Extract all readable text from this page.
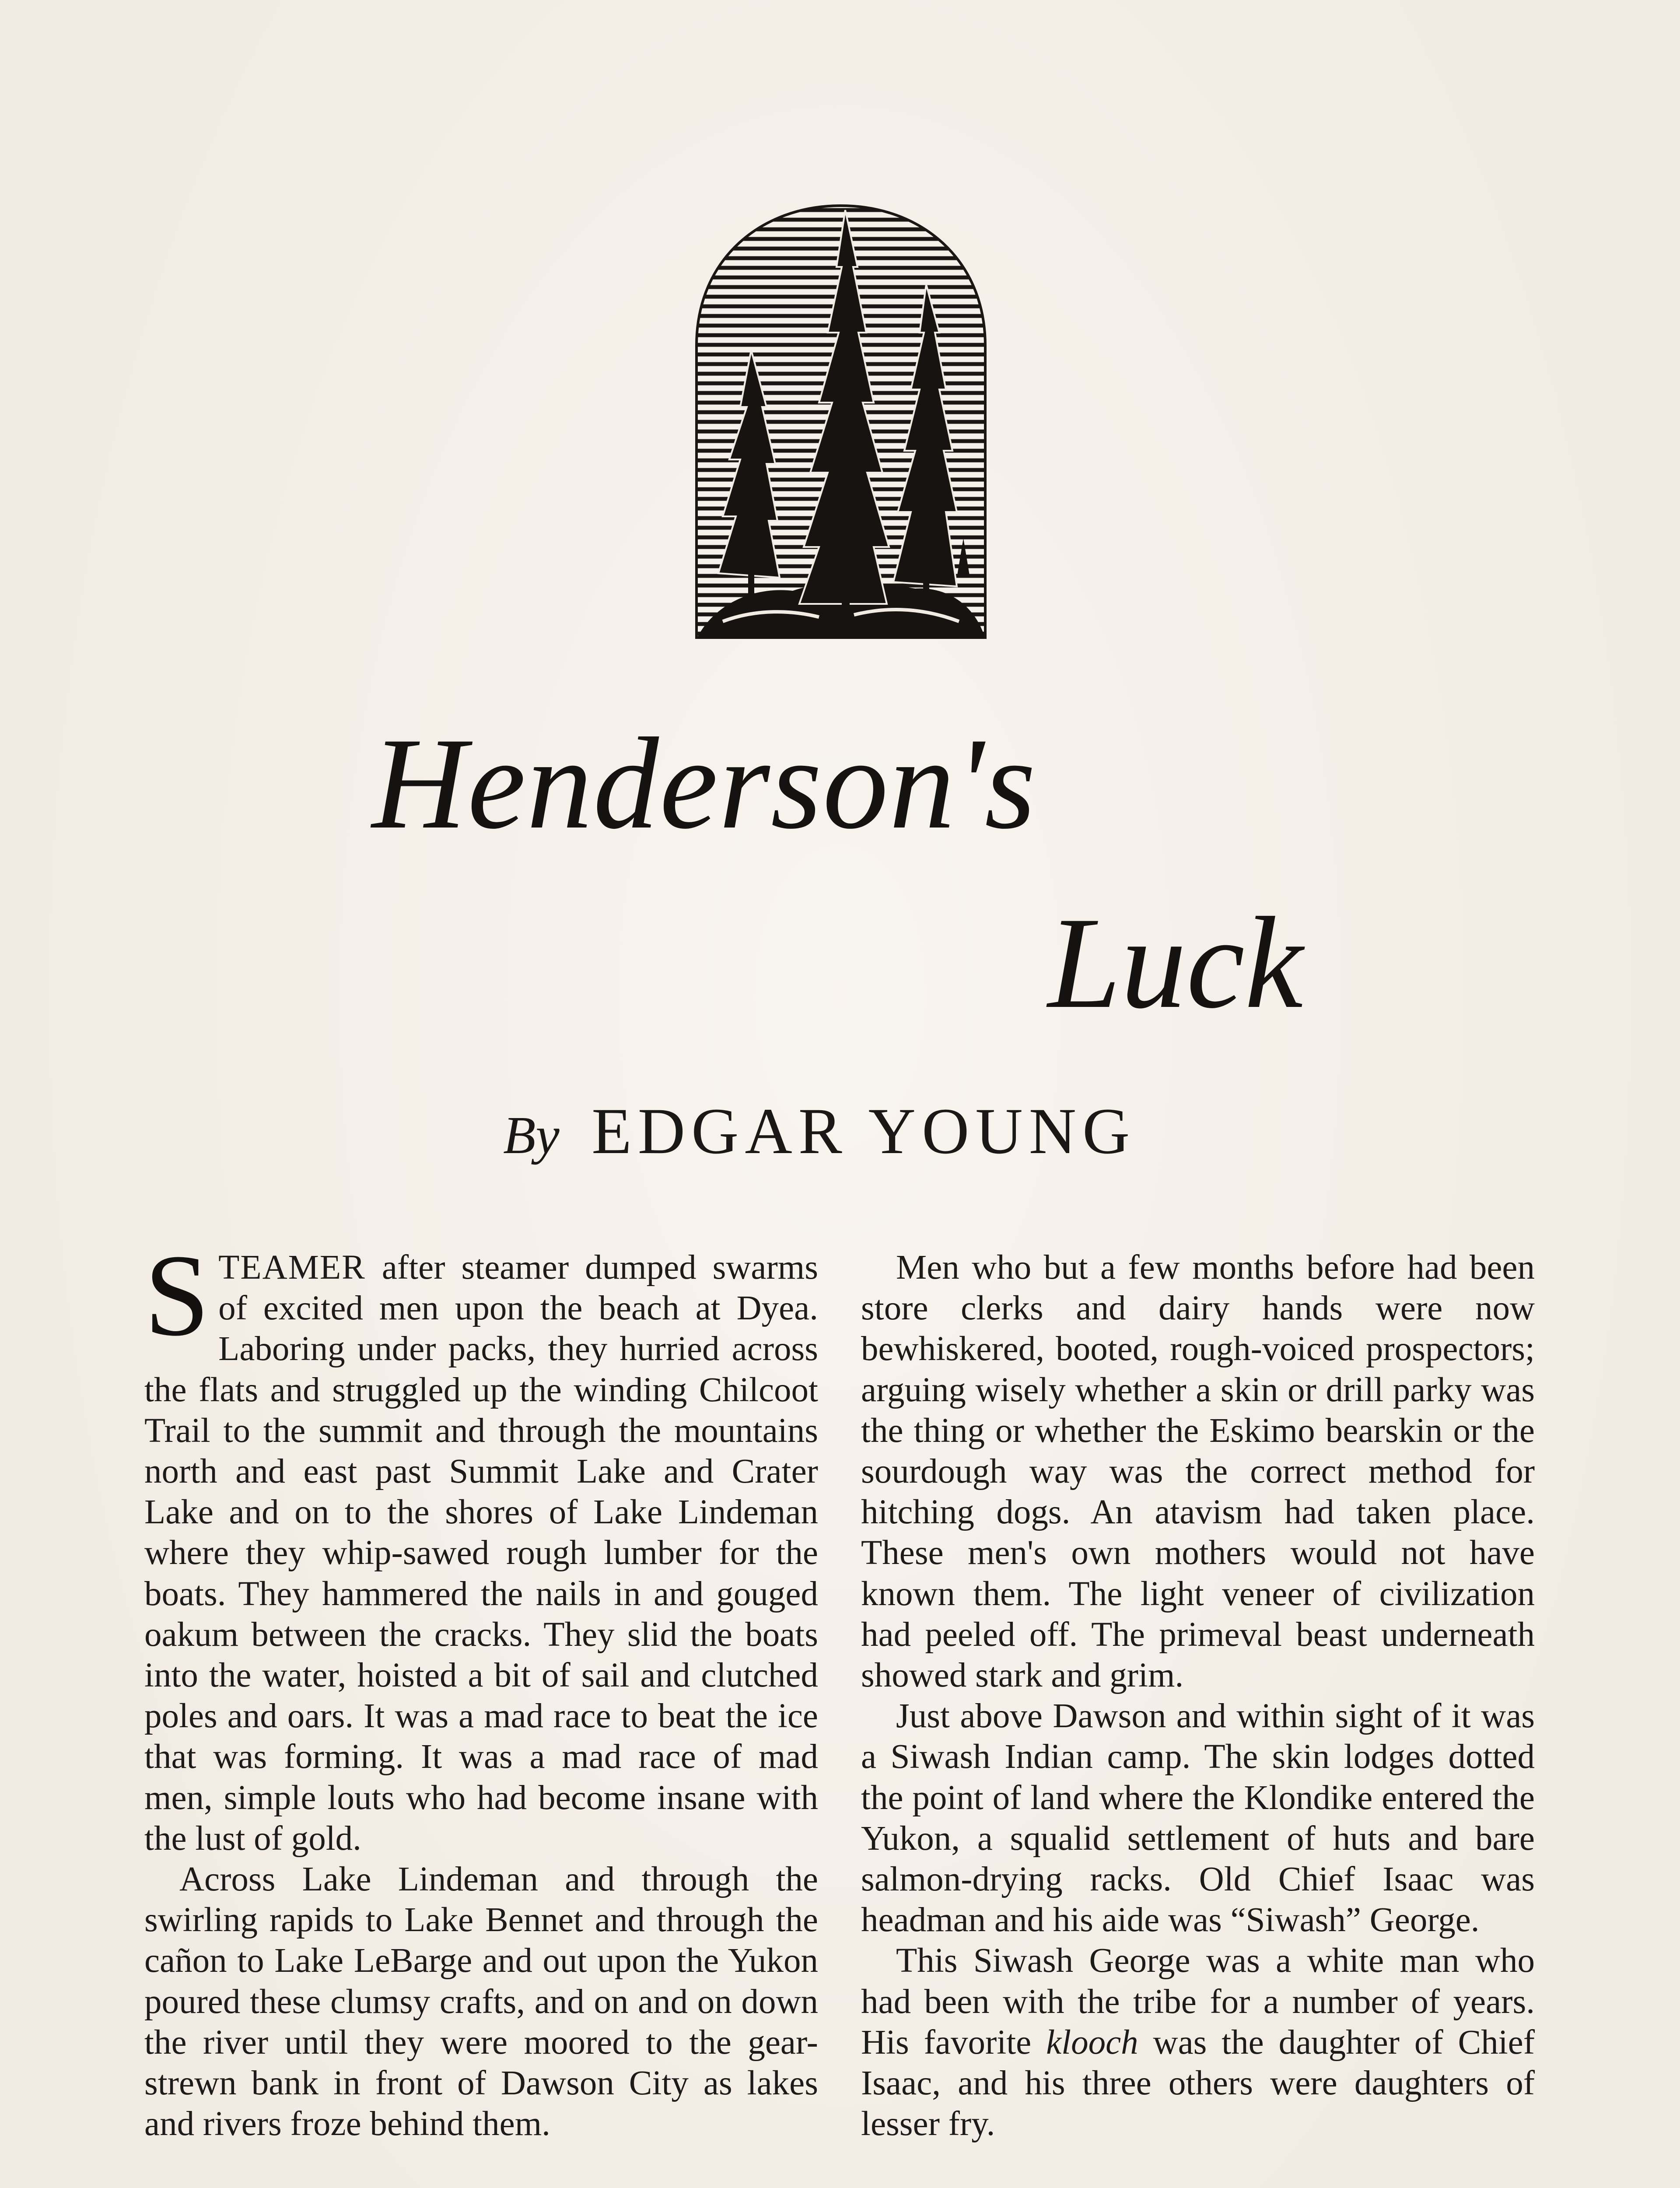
Henderson's
Luck
By EDGAR YOUNG

STEAMER after steamer dumped swarms of excited men upon the beach at Dyea. Laboring under packs, they hurried across the flats and struggled up the winding Chilcoot Trail to the summit and through the mountains north and east past Summit Lake and Crater Lake and on to the shores of Lake Lindeman where they whip-sawed rough lumber for the boats. They hammered the nails in and gouged oakum between the cracks. They slid the boats into the water, hoisted a bit of sail and clutched poles and oars. It was a mad race to beat the ice that was forming. It was a mad race of mad men, simple louts who had become insane with the lust of gold.

Across Lake Lindeman and through the swirling rapids to Lake Bennet and through the cañon to Lake LeBarge and out upon the Yukon poured these clumsy crafts, and on and on down the river until they were moored to the gear-strewn bank in front of Dawson City as lakes and rivers froze behind them.

Men who but a few months before had been store clerks and dairy hands were now bewhiskered, booted, rough-voiced prospectors; arguing wisely whether a skin or drill parky was the thing or whether the Eskimo bearskin or the sourdough way was the correct method for hitching dogs. An atavism had taken place. These men's own mothers would not have known them. The light veneer of civilization had peeled off. The primeval beast underneath showed stark and grim.

Just above Dawson and within sight of it was a Siwash Indian camp. The skin lodges dotted the point of land where the Klondike entered the Yukon, a squalid settlement of huts and bare salmon-drying racks. Old Chief Isaac was headman and his aide was “Siwash” George.

This Siwash George was a white man who had been with the tribe for a number of years. His favorite klooch was the daughter of Chief Isaac, and his three others were daughters of lesser fry.
